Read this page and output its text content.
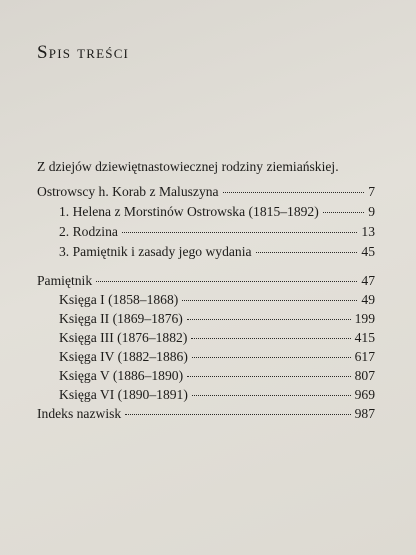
Spis treści
Z dziejów dziewiętnastowiecznej rodziny ziemiańskiej.
Ostrowscy h. Korab z Maluszyna	7
1. Helena z Morstinów Ostrowska (1815–1892)	9
2. Rodzina	13
3. Pamiętnik i zasady jego wydania	45
Pamiętnik	47
Księga I (1858–1868)	49
Księga II (1869–1876)	199
Księga III (1876–1882)	415
Księga IV (1882–1886)	617
Księga V (1886–1890)	807
Księga VI (1890–1891)	969
Indeks nazwisk	987
